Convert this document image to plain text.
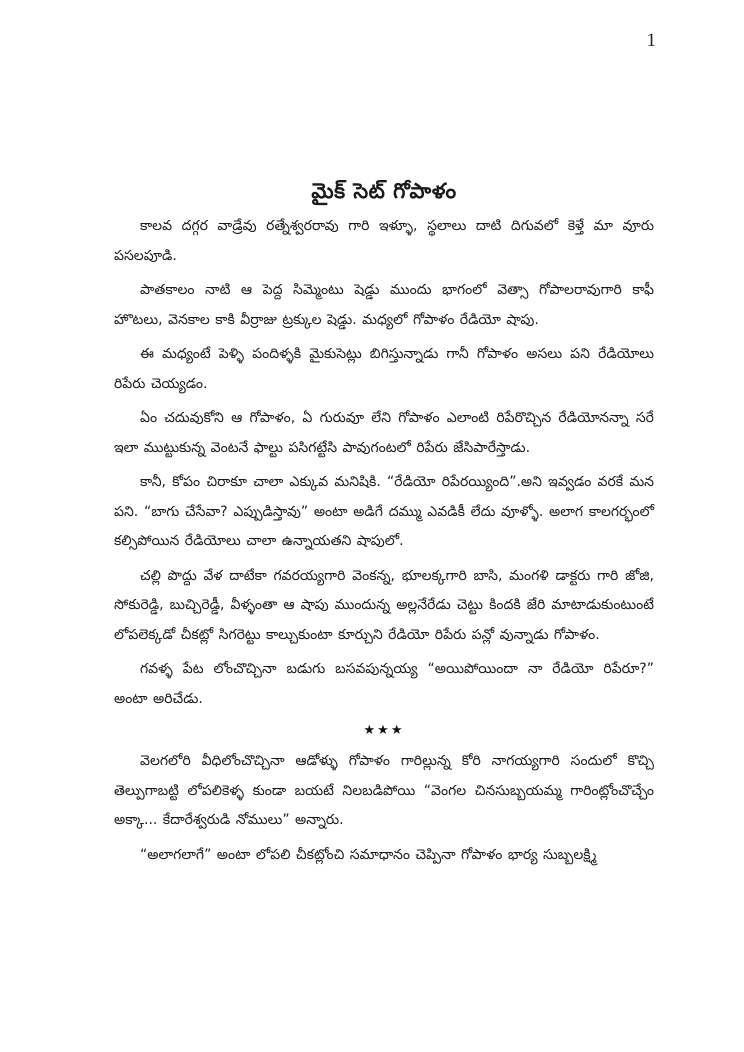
1
మైక్ సెట్ గోపాళం

కాలవ దగ్గర వాడ్రేవు రత్నేశ్వరరావు గారి ఇళ్ళూ, స్థలాలు దాటి దిగువలో కెళ్తే మా వూరు పసలపూడి.

పాతకాలం నాటి ఆ పెద్ద సిమ్మెంటు షెడ్డు ముందు భాగంలో వెత్సా గోపాలరావుగారి కాఫీ హొటలు, వెనకాల కాకి వీర్రాజు ట్రక్కుల షెడ్డు. మధ్యలో గోపాళం రేడియో షాపు.

ఈ మధ్యంటే పెళ్ళి పందిళ్ళకి మైకుసెట్లు బిగిస్తున్నాడు గానీ గోపాళం అసలు పని రేడియోలు రిపేరు చెయ్యడం.

ఏం చదువుకోని ఆ గోపాళం, ఏ గురువూ లేని గోపాళం ఎలాంటి రిపేరొచ్చిన రేడియోనన్నా సరే ఇలా ముట్టుకున్న వెంటనే ఫాల్టు పసిగట్టేసి పావుగంటలో రిపేరు జేసిపారేస్తాడు.

కానీ, కోపం చిరాకూ చాలా ఎక్కువ మనిషికి. “రేడియో రిపేరయ్యింది”.అని ఇవ్వడం వరకే మన పని. “బాగు చేసేవా? ఎప్పుడిస్తావు” అంటా అడిగే దమ్ము ఎవడికీ లేదు వూళ్ళో. అలాగ కాలగర్భంలో కల్సిపోయిన రేడియోలు చాలా ఉన్నాయతని షాపులో.

చల్లి పొద్దు వేళ దాటేకా గవరయ్యగారి వెంకన్న, భూలక్కగారి బాసి, మంగళి డాక్టరు గారి జోజి, సోకురెడ్డి, బుచ్చిరెడ్డీ, వీళ్ళంతా ఆ షాపు ముందున్న అల్లనేరేడు చెట్టు కిందకి జేరి మాటాడుకుంటుంటే లోపలెక్కడో చీకట్లో సిగరెట్టు కాల్చుకుంటా కూర్చుని రేడియో రిపేరు పన్లో వున్నాడు గోపాళం.

గవళ్ళ పేట లోంచొచ్చినా బడుగు బసవపున్నయ్య “అయిపోయిందా నా రేడియో రిపేరూ?” అంటా అరిచేడు.

★★★

వెలగలోరి వీధిలోంచొచ్చినా ఆడోళ్ళు గోపాళం గారిల్లున్న కోరి నాగయ్యగారి సందులో కొచ్చి తెల్పుగాబట్టి లోపలికెళ్ళ కుండా బయటే నిలబడిపోయి “వెంగల చినసుబ్బయమ్మ గారింట్లోంచొచ్చేం అక్కా... కేదారేశ్వరుడి నోములు” అన్నారు.

“అలాగలాగే” అంటా లోపలి చీకట్లోంచి సమాధానం చెప్పినా గోపాళం భార్య సుబ్బలక్ష్మి
